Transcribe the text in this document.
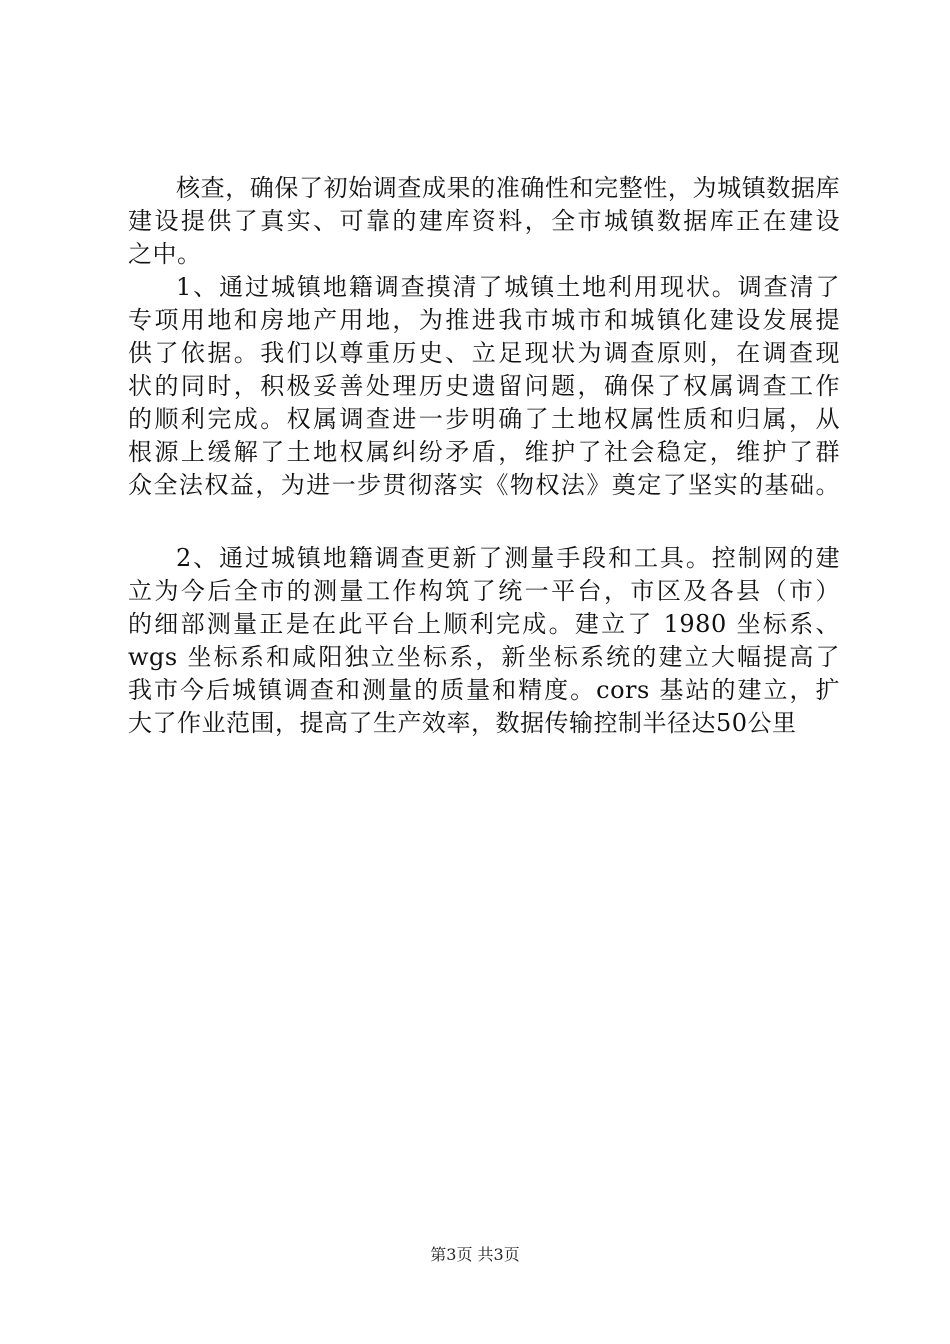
核查，确保了初始调查成果的准确性和完整性，为城镇数据库
建设提供了真实、可靠的建库资料，全市城镇数据库正在建设
之中。
1、通过城镇地籍调查摸清了城镇土地利用现状。调查清了
专项用地和房地产用地，为推进我市城市和城镇化建设发展提
供了依据。我们以尊重历史、立足现状为调查原则，在调查现
状的同时，积极妥善处理历史遗留问题，确保了权属调查工作
的顺利完成。权属调查进一步明确了土地权属性质和归属，从
根源上缓解了土地权属纠纷矛盾，维护了社会稳定，维护了群
众全法权益，为进一步贯彻落实《物权法》奠定了坚实的基础。
2、通过城镇地籍调查更新了测量手段和工具。控制网的建
立为今后全市的测量工作构筑了统一平台，市区及各县（市）
的细部测量正是在此平台上顺利完成。建立了 1980 坐标系、
wgs 坐标系和咸阳独立坐标系，新坐标系统的建立大幅提高了
我市今后城镇调查和测量的质量和精度。cors 基站的建立，扩
大了作业范围，提高了生产效率，数据传输控制半径达50公里
第3页 共3页
